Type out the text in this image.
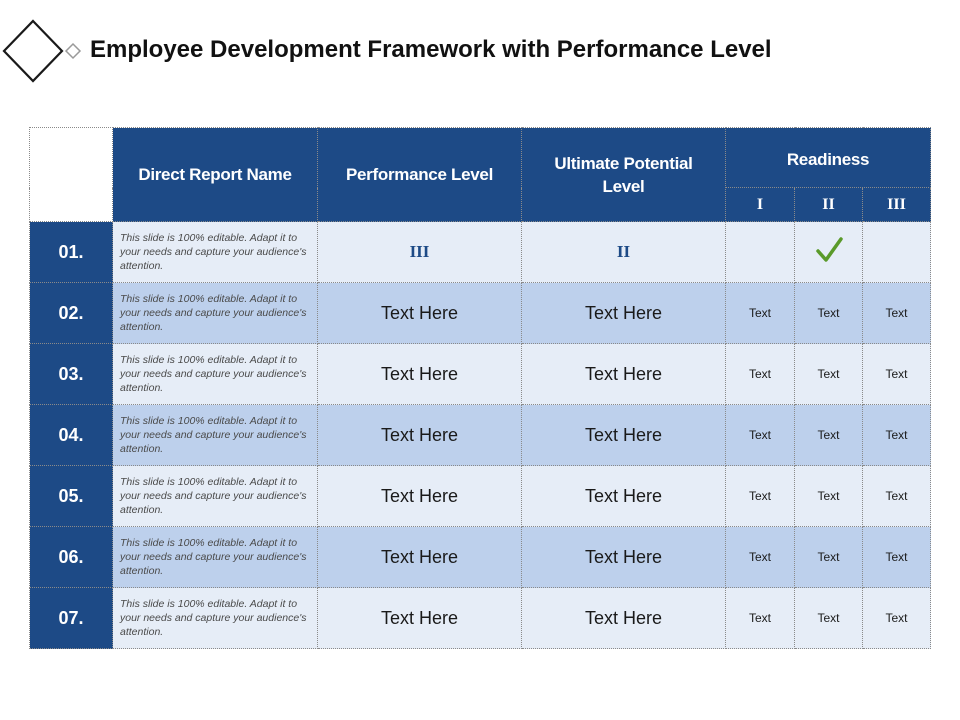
Employee Development Framework with Performance Level
	Direct Report Name	Performance Level	Ultimate Potential Level	Readiness		
				I	II	III
01.	This slide is 100% editable. Adapt it to your needs and capture your audience's attention.	III	II			
02.	This slide is 100% editable. Adapt it to your needs and capture your audience's attention.	Text Here	Text Here	Text	Text	Text
03.	This slide is 100% editable. Adapt it to your needs and capture your audience's attention.	Text Here	Text Here	Text	Text	Text
04.	This slide is 100% editable. Adapt it to your needs and capture your audience's attention.	Text Here	Text Here	Text	Text	Text
05.	This slide is 100% editable. Adapt it to your needs and capture your audience's attention.	Text Here	Text Here	Text	Text	Text
06.	This slide is 100% editable. Adapt it to your needs and capture your audience's attention.	Text Here	Text Here	Text	Text	Text
07.	This slide is 100% editable. Adapt it to your needs and capture your audience's attention.	Text Here	Text Here	Text	Text	Text
